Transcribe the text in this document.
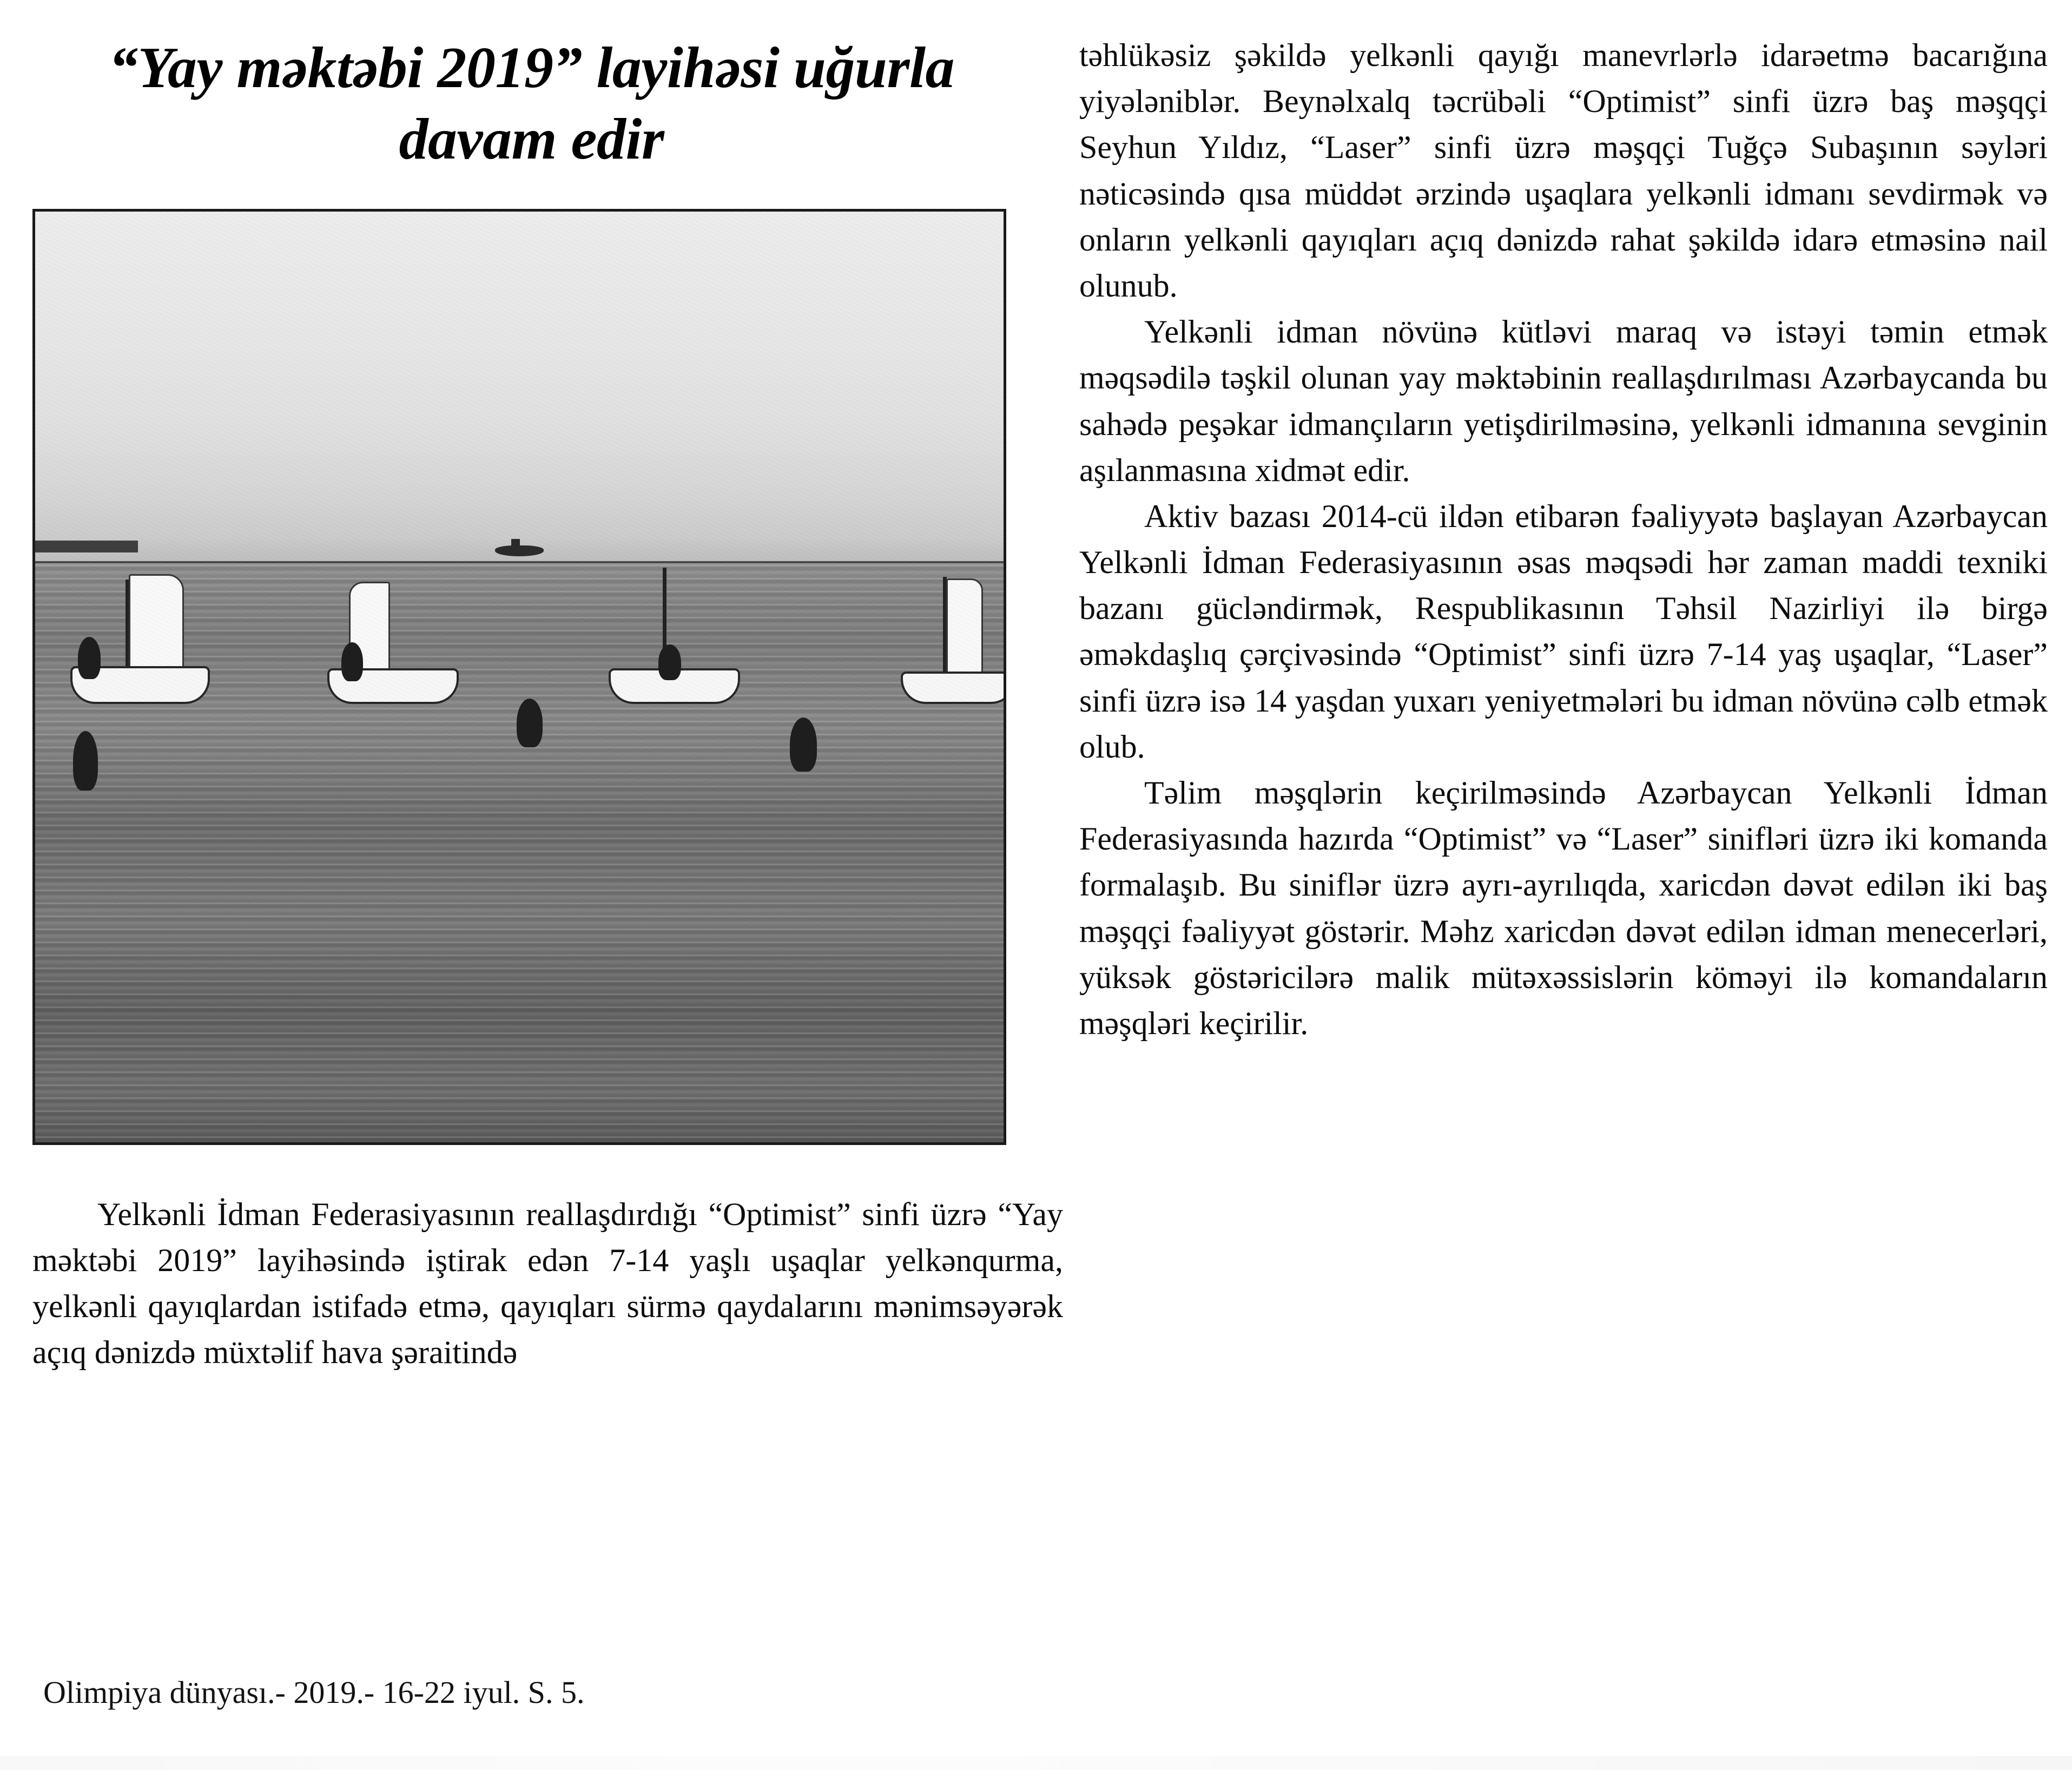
“Yay məktəbi 2019” layihəsi uğurla davam edir

Yelkənli İdman Federasiyasının reallaşdırdığı “Optimist” sinfi üzrə “Yay məktəbi 2019” layihəsində iştirak edən 7-14 yaşlı uşaqlar yelkənqurma, yelkənli qayıqlardan istifadə etmə, qayıqları sürmə qaydalarını mənimsəyərək açıq dənizdə müxtəlif hava şəraitində

təhlükəsiz şəkildə yelkənli qayığı manevrlərlə idarəetmə bacarığına yiyələniblər. Beynəlxalq təcrübəli “Optimist” sinfi üzrə baş məşqçi Seyhun Yıldız, “Laser” sinfi üzrə məşqçi Tuğçə Subaşının səyləri nəticəsində qısa müddət ərzində uşaqlara yelkənli idmanı sevdirmək və onların yelkənli qayıqları açıq dənizdə rahat şəkildə idarə etməsinə nail olunub.

Yelkənli idman növünə kütləvi maraq və istəyi təmin etmək məqsədilə təşkil olunan yay məktəbinin reallaşdırılması Azərbaycanda bu sahədə peşəkar idmançıların yetişdirilməsinə, yelkənli idmanına sevginin aşılanmasına xidmət edir.

Aktiv bazası 2014-cü ildən etibarən fəaliyyətə başlayan Azərbaycan Yelkənli İdman Federasiyasının əsas məqsədi hər zaman maddi texniki bazanı gücləndirmək, Respublikasının Təhsil Nazirliyi ilə birgə əməkdaşlıq çərçivəsində “Optimist” sinfi üzrə 7-14 yaş uşaqlar, “Laser” sinfi üzrə isə 14 yaşdan yuxarı yeniyetmələri bu idman növünə cəlb etmək olub.

Təlim məşqlərin keçirilməsində Azərbaycan Yelkənli İdman Federasiyasında hazırda “Optimist” və “Laser” sinifləri üzrə iki komanda formalaşıb. Bu siniflər üzrə ayrı-ayrılıqda, xaricdən dəvət edilən iki baş məşqçi fəaliyyət göstərir. Məhz xaricdən dəvət edilən idman menecerləri, yüksək göstəricilərə malik mütəxəssislərin köməyi ilə komandaların məşqləri keçirilir.

Olimpiya dünyası.- 2019.- 16-22 iyul. S. 5.
